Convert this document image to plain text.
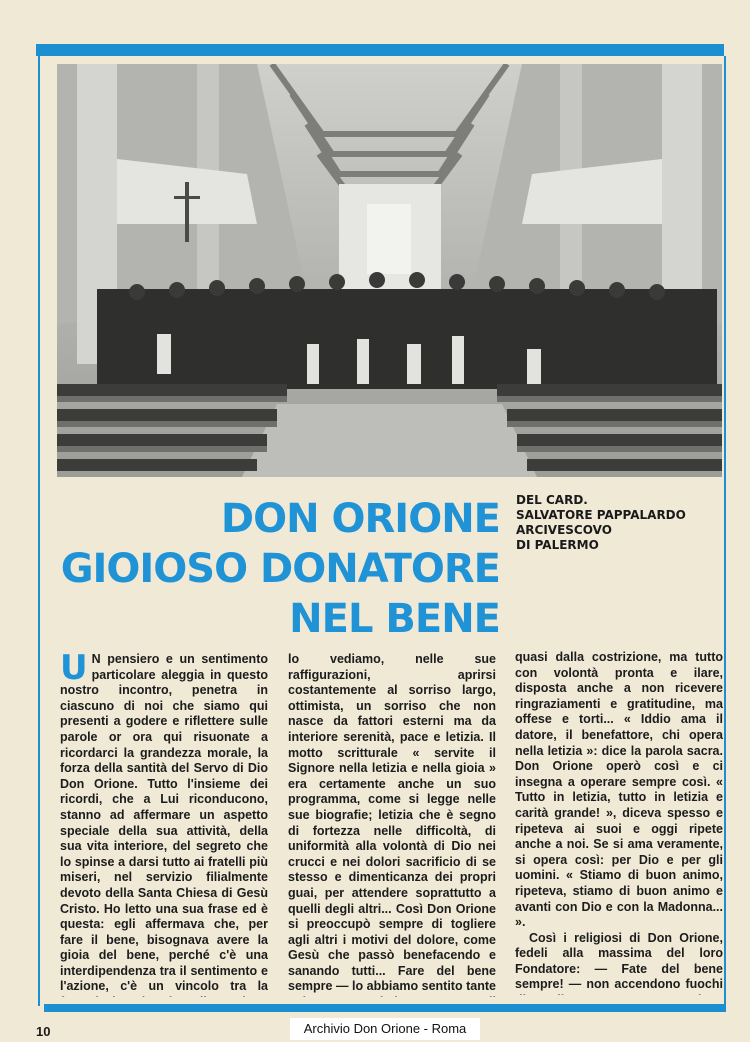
DON ORIONE
GIOIOSO DONATORE
NEL BENE
DEL CARD.
SALVATORE PAPPALARDO
ARCIVESCOVO
DI PALERMO
U N pensiero e un sentimento particolare aleggia in questo nostro incontro, penetra in ciascuno di noi che siamo qui presenti a godere e riflettere sulle parole or ora qui risuonate a ricordarci la grandezza morale, la forza della santità del Servo di Dio Don Orione. Tutto l'insieme dei ricordi, che a Lui riconducono, stanno ad affermare un aspetto speciale della sua attività, della sua vita interiore, del segreto che lo spinse a darsi tutto ai fratelli più miseri, nel servizio filialmente devoto della Santa Chiesa di Gesù Cristo. Ho letto una sua frase ed è questa: egli affermava che, per fare il bene, bisognava avere la gioia del bene, perché c'è una interdipendenza tra il sentimento e l'azione, c'è un vincolo tra la
lo vediamo, nelle sue raffigurazioni, aprirsi costantemente al sorriso largo, ottimista, un sorriso che non nasce da fattori esterni ma da interiore serenità, pace e letizia. Il motto scritturale « servite il Signore nella letizia e nella gioia » era certamente anche un suo programma, come si legge nelle sue biografie; letizia che è segno di fortezza nelle difficoltà, di uniformità alla volontà di Dio nei crucci e nei dolori sacrificio di se stesso e dimenticanza dei propri guai, per attendere soprattutto a quelli degli altri... Così Don Orione si preoccupò sempre di togliere agli altri i motivi del dolore, come Gesù che passò benefacendo e sanando tutti... Fare del bene sempre — lo abbiamo sentito tante
quasi dalla costrizione, ma tutto con volontà pronta e ilare, disposta anche a non ricevere ringraziamenti e gratitudine, ma offese e torti... « Iddio ama il datore, il benefattore, chi opera nella letizia »: dice la parola sacra. Don Orione operò così e ci insegna a operare sempre così. « Tutto in letizia, tutto in letizia e carità grande! », diceva spesso e ripeteva ai suoi e oggi ripete anche a noi. Se si ama veramente, si opera così: per Dio e per gli uomini. « Stiamo di buon animo, ripeteva, stiamo di buon animo e avanti con Dio e con la Madonna... ».
Così i religiosi di Don Orione, fedeli alla massima del loro Fondatore: — Fate del bene sempre! — non accendono fuochi
10	Archivio Don Orione - Roma
